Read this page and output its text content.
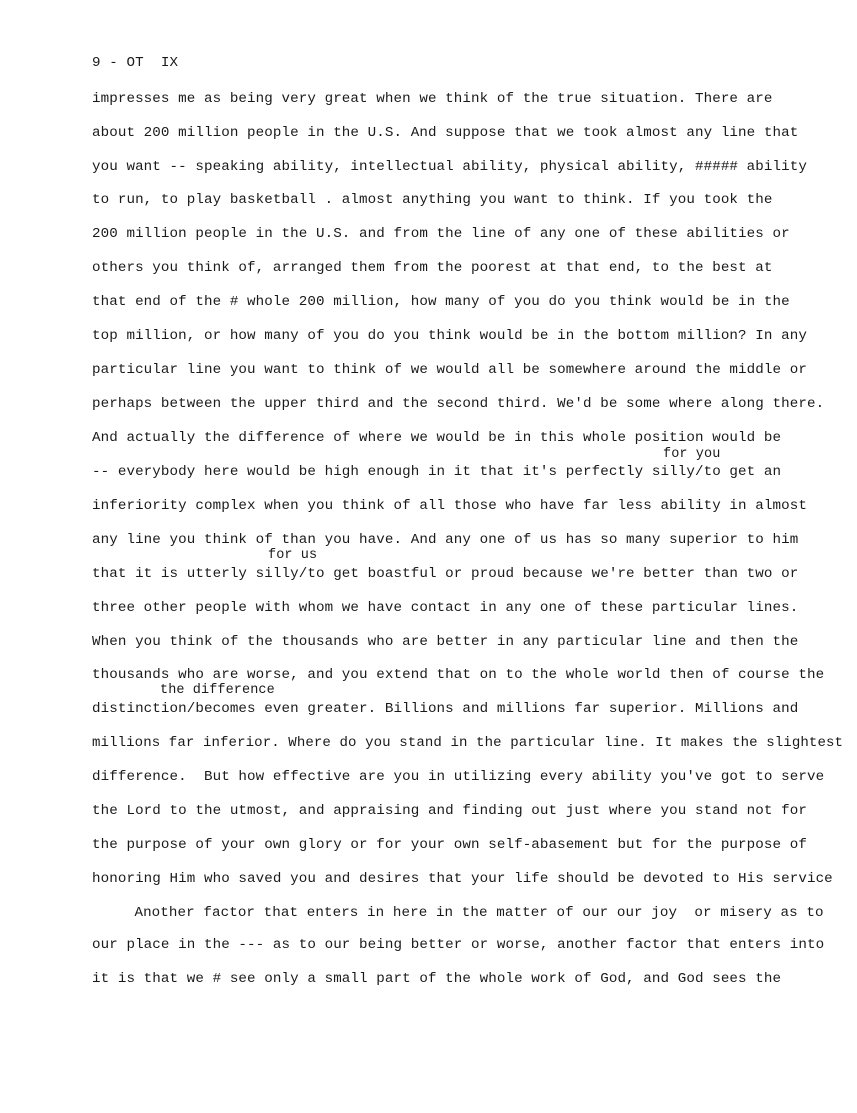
9 - OT  IX
impresses me as being very great when we think of the true situation. There are
about 200 million people in the U.S. And suppose that we took almost any line that
you want -- speaking ability, intellectual ability, physical ability, ##### ability
to run, to play basketball . almost anything you want to think. If you took the
200 million people in the U.S. and from the line of any one of these abilities or
others you think of, arranged them from the poorest at that end, to the best at
that end of the # whole 200 million, how many of you do you think would be in the
top million, or how many of you do you think would be in the bottom million? In any
particular line you want to think of we would all be somewhere around the middle or
perhaps between the upper third and the second third. We'd be some where along there.
And actually the difference of where we would be in this whole position would be
for you
-- everybody here would be high enough in it that it's perfectly silly/to get an
inferiority complex when you think of all those who have far less ability in almost
any line you think of than you have. And any one of us has so many superior to him
for us
that it is utterly silly/to get boastful or proud because we're better than two or
three other people with whom we have contact in any one of these particular lines.
When you think of the thousands who are better in any particular line and then the
thousands who are worse, and you extend that on to the whole world then of course the
the difference
distinction/becomes even greater. Billions and millions far superior. Millions and
millions far inferior. Where do you stand in the particular line. It makes the slightest
difference.  But how effective are you in utilizing every ability you've got to serve
the Lord to the utmost, and appraising and finding out just where you stand not for
the purpose of your own glory or for your own self-abasement but for the purpose of
honoring Him who saved you and desires that your life should be devoted to His service
Another factor that enters in here in the matter of our our joy  or misery as to
our place in the --- as to our being better or worse, another factor that enters into
it is that we # see only a small part of the whole work of God, and God sees the
